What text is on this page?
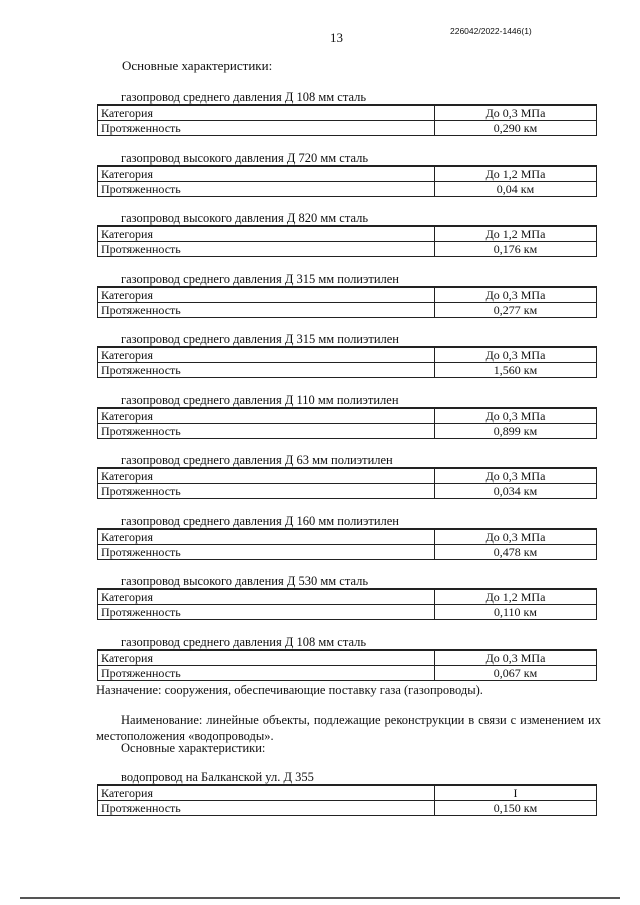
13	226042/2022-1446(1)
Основные характеристики:
газопровод среднего давления Д 108 мм сталь
Категория	До 0,3 МПа
Протяженность	0,290 км
газопровод высокого давления Д 720 мм сталь
Категория	До 1,2 МПа
Протяженность	0,04 км
газопровод высокого давления Д 820 мм сталь
Категория	До 1,2 МПа
Протяженность	0,176 км
газопровод среднего давления Д 315 мм полиэтилен
Категория	До 0,3 МПа
Протяженность	0,277 км
газопровод среднего давления Д 315 мм полиэтилен
Категория	До 0,3 МПа
Протяженность	1,560 км
газопровод среднего давления Д 110 мм полиэтилен
Категория	До 0,3 МПа
Протяженность	0,899 км
газопровод среднего давления Д 63 мм полиэтилен
Категория	До 0,3 МПа
Протяженность	0,034 км
газопровод среднего давления Д 160 мм полиэтилен
Категория	До 0,3 МПа
Протяженность	0,478 км
газопровод высокого давления Д 530 мм сталь
Категория	До 1,2 МПа
Протяженность	0,110 км
газопровод среднего давления Д 108 мм сталь
Категория	До 0,3 МПа
Протяженность	0,067 км
Назначение: сооружения, обеспечивающие поставку газа (газопроводы).
Наименование: линейные объекты, подлежащие реконструкции в связи с изменением их местоположения «водопроводы».
Основные характеристики:
водопровод на Балканской ул. Д 355
Категория	I
Протяженность	0,150 км
